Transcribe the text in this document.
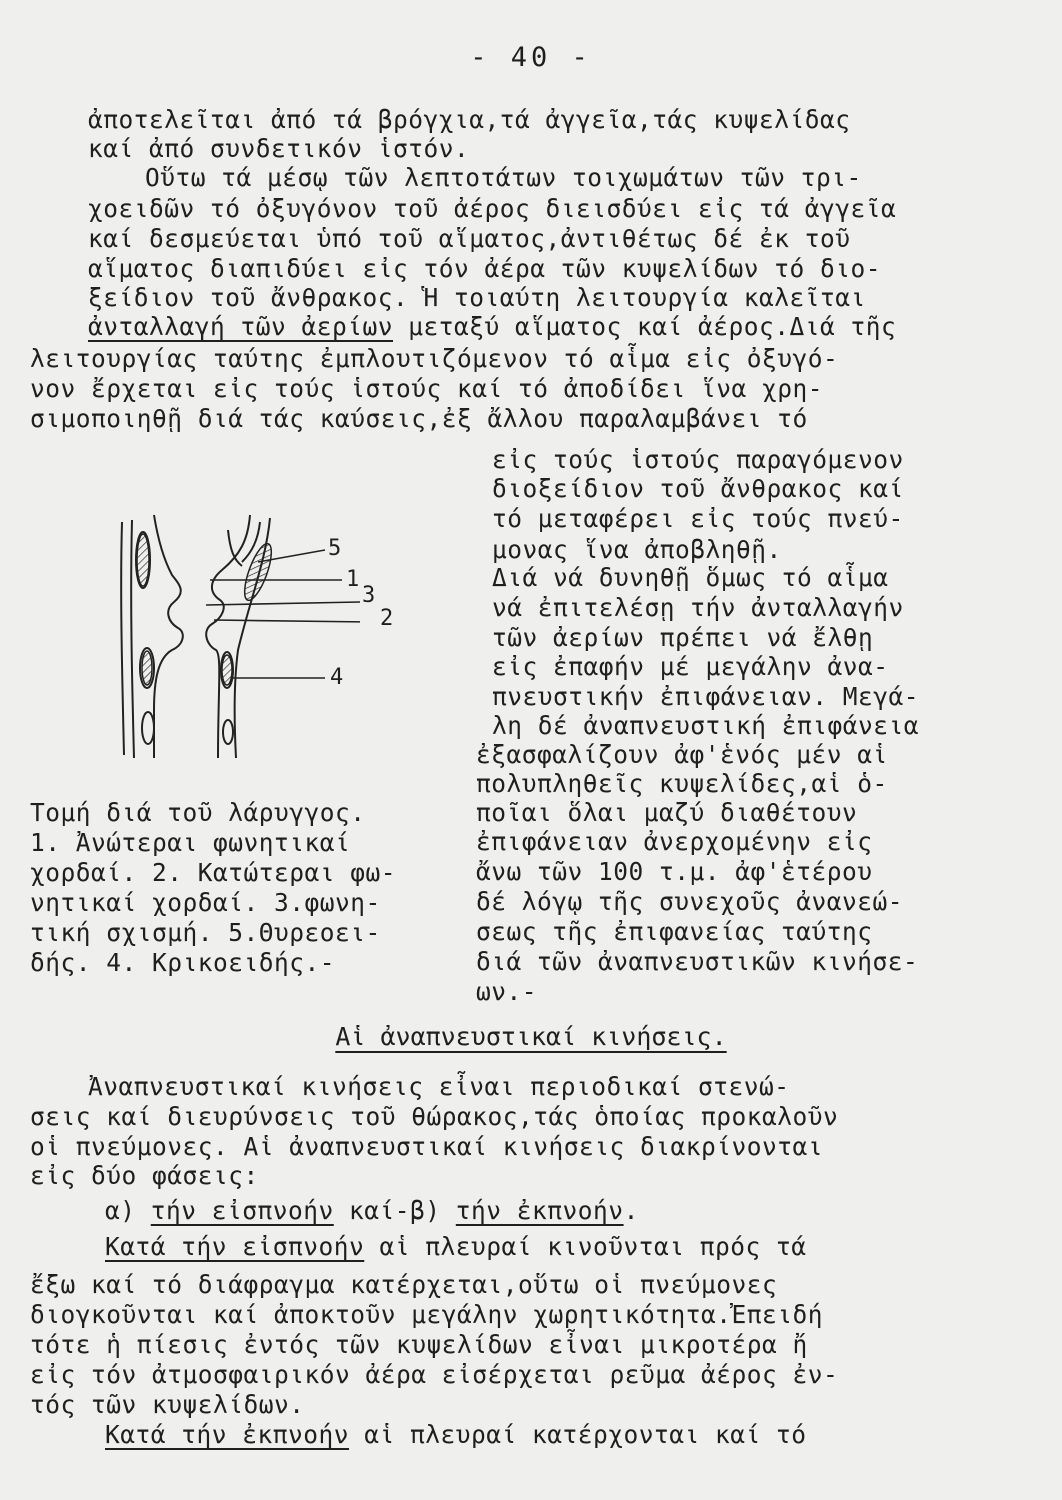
- 40 -
ἀποτελεῖται ἀπό τά βρόγχια,τά ἀγγεῖα,τάς κυψελίδας
καί ἀπό συνδετικόν ἱστόν.
Οὕτω τά μέσῳ τῶν λεπτοτάτων τοιχωμάτων τῶν τρι-
χοειδῶν τό ὀξυγόνον τοῦ ἀέρος διεισδύει εἰς τά ἀγγεῖα
καί δεσμεύεται ὑπό τοῦ αἵματος,ἀντιθέτως δέ ἐκ τοῦ
αἵματος διαπιδύει εἰς τόν ἀέρα τῶν κυψελίδων τό διο-
ξείδιον τοῦ ἄνθρακος. Ἡ τοιαύτη λειτουργία καλεῖται
ἀνταλλαγή τῶν ἀερίων μεταξύ αἵματος καί ἀέρος.Διά τῆς
λειτουργίας ταύτης ἐμπλουτιζόμενον τό αἷμα εἰς ὀξυγό-
νον ἔρχεται εἰς τούς ἱστούς καί τό ἀποδίδει ἵνα χρη-
σιμοποιηθῇ διά τάς καύσεις,ἐξ ἄλλου παραλαμβάνει τό
εἰς τούς ἱστούς παραγόμενον
διοξείδιον τοῦ ἄνθρακος καί
τό μεταφέρει εἰς τούς πνεύ-
μονας ἵνα ἀποβληθῇ.
Διά νά δυνηθῇ ὅμως τό αἷμα
νά ἐπιτελέσῃ τήν ἀνταλλαγήν
τῶν ἀερίων πρέπει νά ἔλθῃ
εἰς ἐπαφήν μέ μεγάλην ἀνα-
πνευστικήν ἐπιφάνειαν. Μεγά-
λη δέ ἀναπνευστική ἐπιφάνεια
ἐξασφαλίζουν ἀφ'ἑνός μέν αἱ
πολυπληθεῖς κυψελίδες,αἱ ὁ-
ποῖαι ὅλαι μαζύ διαθέτουν
ἐπιφάνειαν ἀνερχομένην εἰς
ἄνω τῶν 100 τ.μ. ἀφ'ἑτέρου
δέ λόγῳ τῆς συνεχοῦς ἀνανεώ-
σεως τῆς ἐπιφανείας ταύτης
διά τῶν ἀναπνευστικῶν κινήσε-
ων.-
5
1
3
2
4
Τομή διά τοῦ λάρυγγος.
1. Ἀνώτεραι φωνητικαί
χορδαί. 2. Κατώτεραι φω-
νητικαί χορδαί. 3.φωνη-
τική σχισμή. 5.Θυρεοει-
δής. 4. Κρικοειδής.-
Αἱ ἀναπνευστικαί κινήσεις.
Ἀναπνευστικαί κινήσεις εἶναι περιοδικαί στενώ-
σεις καί διευρύνσεις τοῦ θώρακος,τάς ὁποίας προκαλοῦν
οἱ πνεύμονες. Αἱ ἀναπνευστικαί κινήσεις διακρίνονται
εἰς δύο φάσεις:
α) τήν εἰσπνοήν καί-β) τήν ἐκπνοήν.
Κατά τήν εἰσπνοήν αἱ πλευραί κινοῦνται πρός τά
ἔξω καί τό διάφραγμα κατέρχεται,οὕτω οἱ πνεύμονες
διογκοῦνται καί ἀποκτοῦν μεγάλην χωρητικότητα.Ἐπειδή
τότε ἡ πίεσις ἐντός τῶν κυψελίδων εἶναι μικροτέρα ἤ
εἰς τόν ἀτμοσφαιρικόν ἀέρα εἰσέρχεται ρεῦμα ἀέρος ἐν-
τός τῶν κυψελίδων.
Κατά τήν ἐκπνοήν αἱ πλευραί κατέρχονται καί τό
